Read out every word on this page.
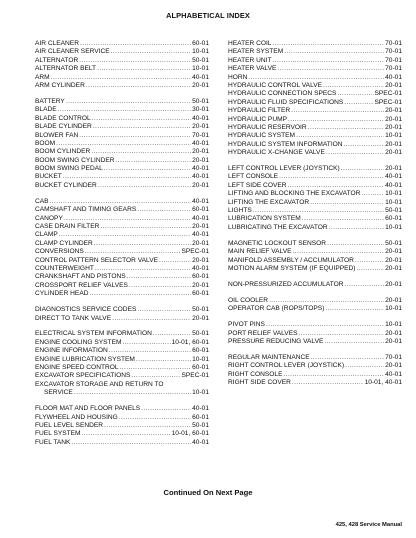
ALPHABETICAL INDEX
AIR CLEANER .....	60-01
AIR CLEANER SERVICE .....	10-01
ALTERNATOR .....	50-01
ALTERNATOR BELT .....	10-01
ARM .....	40-01
ARM CYLINDER .....	20-01
BATTERY .....	50-01
BLADE .....	30-01
BLADE CONTROL .....	40-01
BLADE CYLINDER .....	20-01
BLOWER FAN .....	70-01
BOOM .....	40-01
BOOM CYLINDER .....	20-01
BOOM SWING CYLINDER .....	20-01
BOOM SWING PEDAL .....	40-01
BUCKET .....	40-01
BUCKET CYLINDER .....	20-01
CAB .....	40-01
CAMSHAFT AND TIMING GEARS .....	60-01
CANOPY .....	40-01
CASE DRAIN FILTER .....	20-01
CLAMP .....	40-01
CLAMP CYLINDER .....	20-01
CONVERSIONS .....	SPEC-01
CONTROL PATTERN SELECTOR VALVE .....	20-01
COUNTERWEIGHT .....	40-01
CRANKSHAFT AND PISTONS .....	60-01
CROSSPORT RELIEF VALVES .....	20-01
CYLINDER HEAD .....	60-01
DIAGNOSTICS SERVICE CODES .....	50-01
DIRECT TO TANK VALVE .....	20-01
ELECTRICAL SYSTEM INFORMATION .....	50-01
ENGINE COOLING SYSTEM .....	10-01, 60-01
ENGINE INFORMATION .....	60-01
ENGINE LUBRICATION SYSTEM .....	10-01
ENGINE SPEED CONTROL .....	60-01
EXCAVATOR SPECIFICATIONS .....	SPEC-01
EXCAVATOR STORAGE AND RETURN TO
SERVICE .....	10-01
FLOOR MAT AND FLOOR PANELS .....	40-01
FLYWHEEL AND HOUSING .....	60-01
FUEL LEVEL SENDER .....	50-01
FUEL SYSTEM .....	10-01, 60-01
FUEL TANK .....	40-01
HEATER COIL .....	70-01
HEATER SYSTEM .....	70-01
HEATER UNIT .....	70-01
HEATER VALVE .....	70-01
HORN .....	40-01
HYDRAULIC CONTROL VALVE .....	20-01
HYDRAULIC CONNECTION SPECS .....	SPEC-01
HYDRAULIC FLUID SPECIFICATIONS .....	SPEC-01
HYDRAULIC FILTER .....	20-01
HYDRAULIC PUMP .....	20-01
HYDRAULIC RESERVOIR .....	20-01
HYDRAULIC SYSTEM .....	10-01
HYDRAULIC SYSTEM INFORMATION .....	20-01
HYDRAULIC X-CHANGE VALVE .....	20-01
LEFT CONTROL LEVER (JOYSTICK) .....	20-01
LEFT CONSOLE .....	40-01
LEFT SIDE COVER .....	40-01
LIFTING AND BLOCKING THE EXCAVATOR .....	10-01
LIFTING THE EXCAVATOR .....	10-01
LIGHTS .....	50-01
LUBRICATION SYSTEM .....	60-01
LUBRICATING THE EXCAVATOR .....	10-01
MAGNETIC LOCKOUT SENSOR .....	50-01
MAIN RELIEF VALVE .....	20-01
MANIFOLD ASSEMBLY / ACCUMULATOR .....	20-01
MOTION ALARM SYSTEM (IF EQUIPPED) .....	20-01
NON-PRESSURIZED ACCUMULATOR .....	20-01
OIL COOLER .....	20-01
OPERATOR CAB (ROPS/TOPS) .....	10-01
PIVOT PINS .....	10-01
PORT RELIEF VALVES .....	20-01
PRESSURE REDUCING VALVE .....	20-01
REGULAR MAINTENANCE .....	70-01
RIGHT CONTROL LEVER (JOYSTICK) .....	20-01
RIGHT CONSOLE .....	40-01
RIGHT SIDE COVER .....	10-01, 40-01
Continued On Next Page
425, 428 Service Manual
